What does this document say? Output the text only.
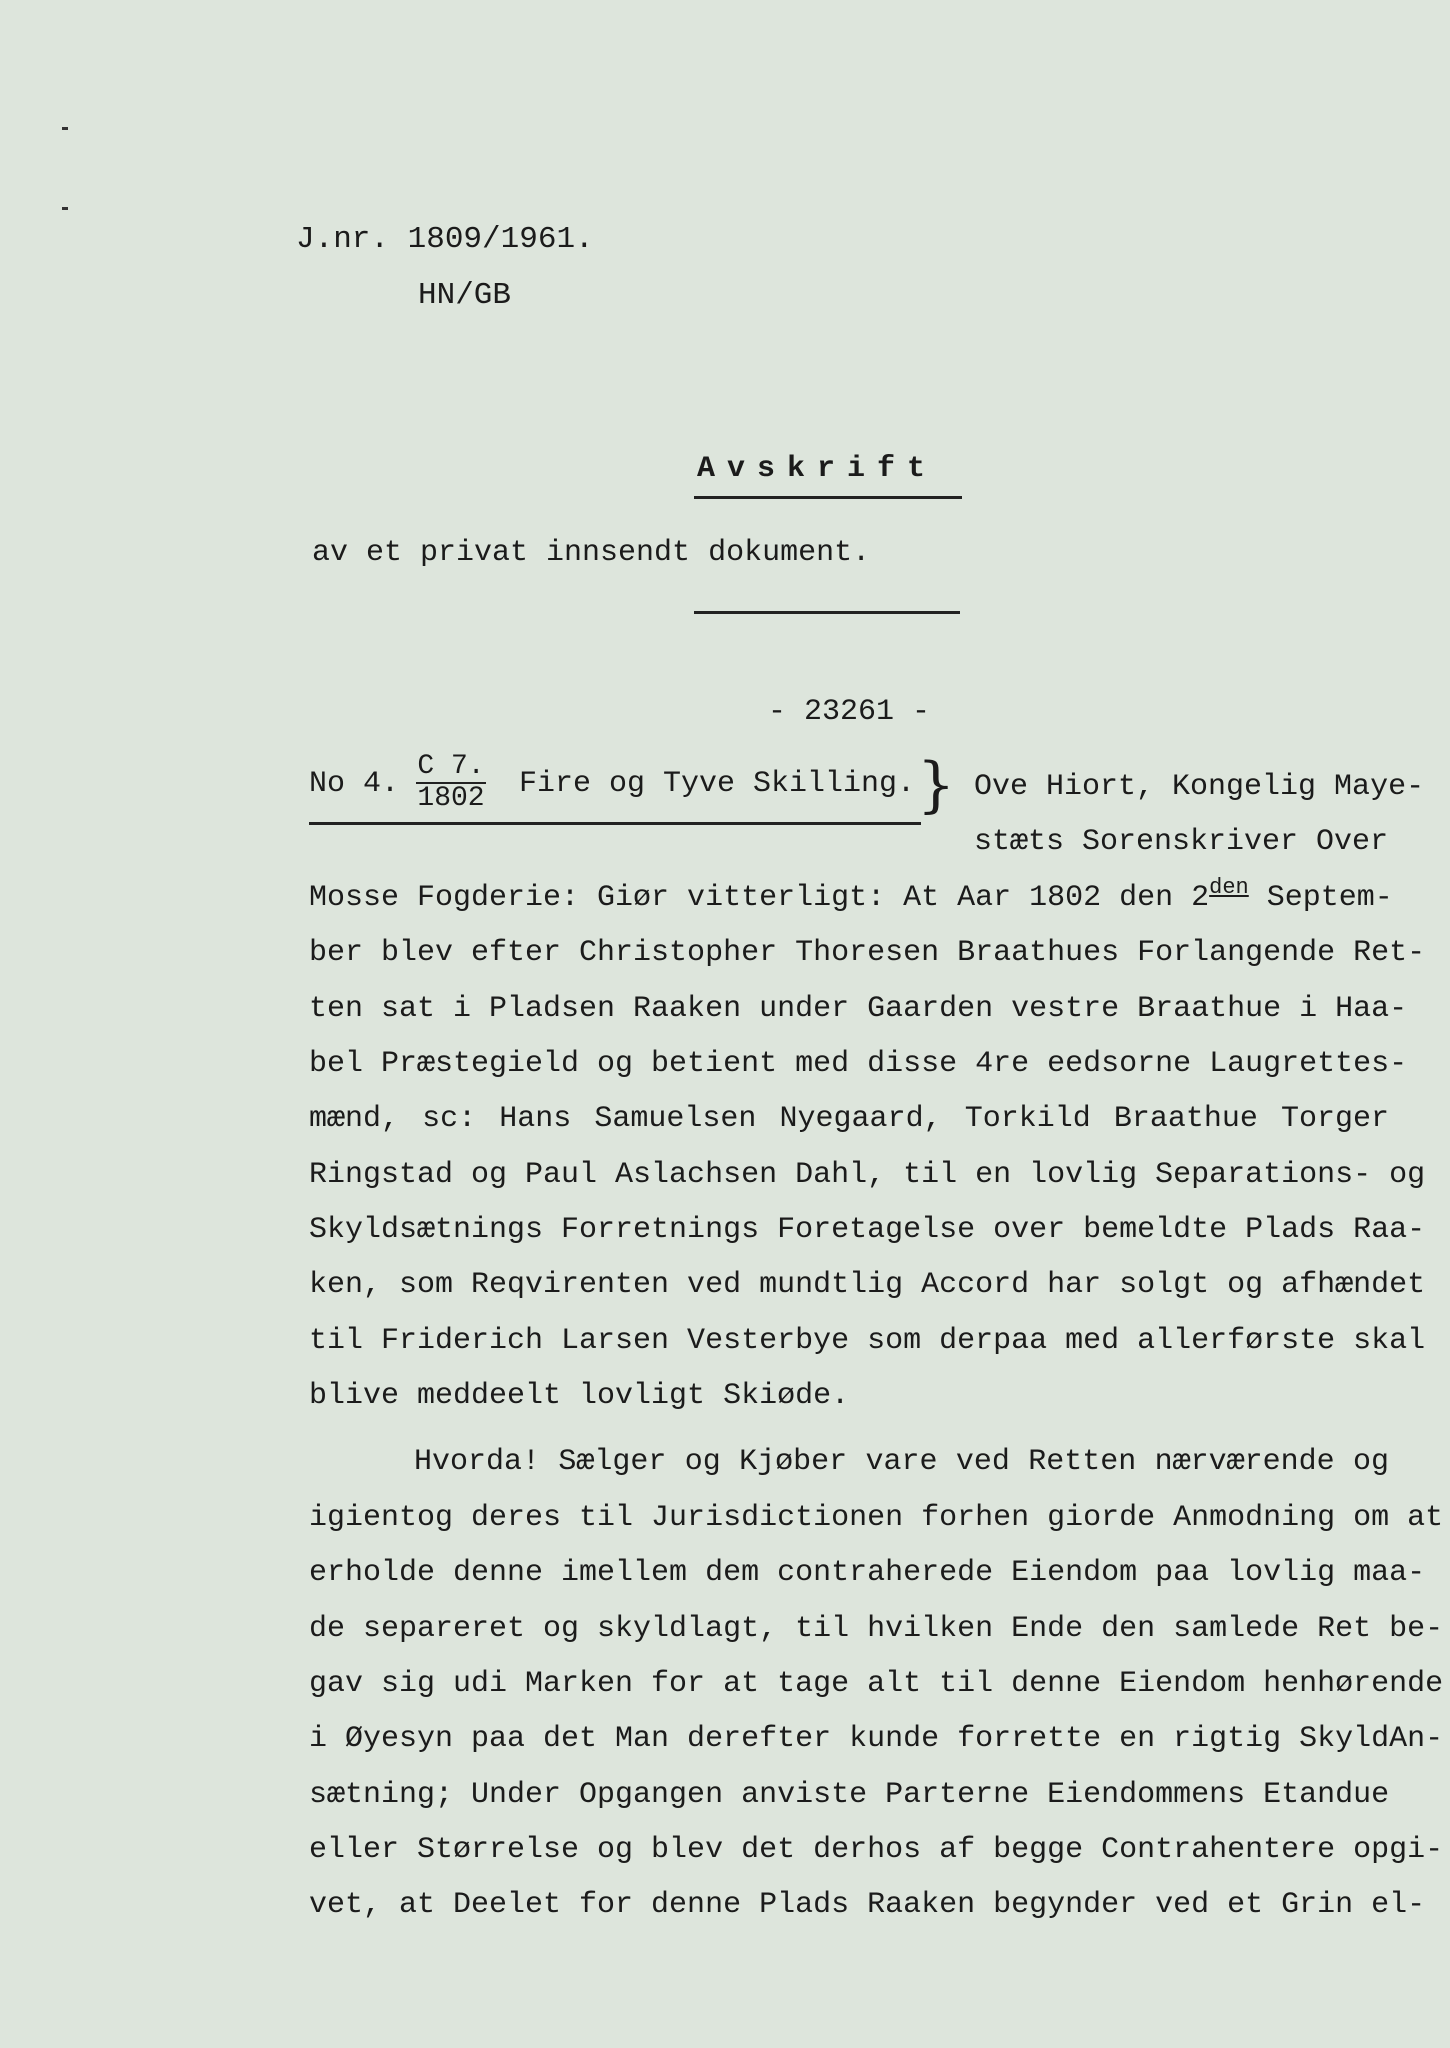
J.nr. 1809/1961.
HN/GB
Avskrift
av et privat innsendt dokument.
- 23261 -
No 4. $\frac{C 7.}{1802}$ Fire og Tyve Skilling. } Ove Hiort, Kongelig Maye-
stæts Sorenskriver Over
Mosse Fogderie: Giør vitterligt: At Aar 1802 den $2^{den}$ Septem-
ber blev efter Christopher Thoresen Braathues Forlangende Ret-
ten sat i Pladsen Raaken under Gaarden vestre Braathue i Haa-
bel Præstegield og betient med disse 4re eedsorne Laugrettes-
mænd, sc: Hans Samuelsen Nyegaard, Torkild Braathue Torger
Ringstad og Paul Aslachsen Dahl, til en lovlig Separations- og
Skyldsætnings Forretnings Foretagelse over bemeldte Plads Raa-
ken, som Reqvirenten ved mundtlig Accord har solgt og afhændet
til Friderich Larsen Vesterbye som derpaa med allerførste skal
blive meddeelt lovligt Skiøde.
Hvorda! Sælger og Kjøber vare ved Retten nærværende og
igientog deres til Jurisdictionen forhen giorde Anmodning om at
erholde denne imellem dem contraherede Eiendom paa lovlig maa-
de separeret og skyldlagt, til hvilken Ende den samlede Ret be-
gav sig udi Marken for at tage alt til denne Eiendom henhørende
i Øyesyn paa det Man derefter kunde forrette en rigtig SkyldAn-
sætning; Under Opgangen anviste Parterne Eiendommens Etandue
eller Størrelse og blev det derhos af begge Contrahentere opgi-
vet, at Deelet for denne Plads Raaken begynder ved et Grin el-
